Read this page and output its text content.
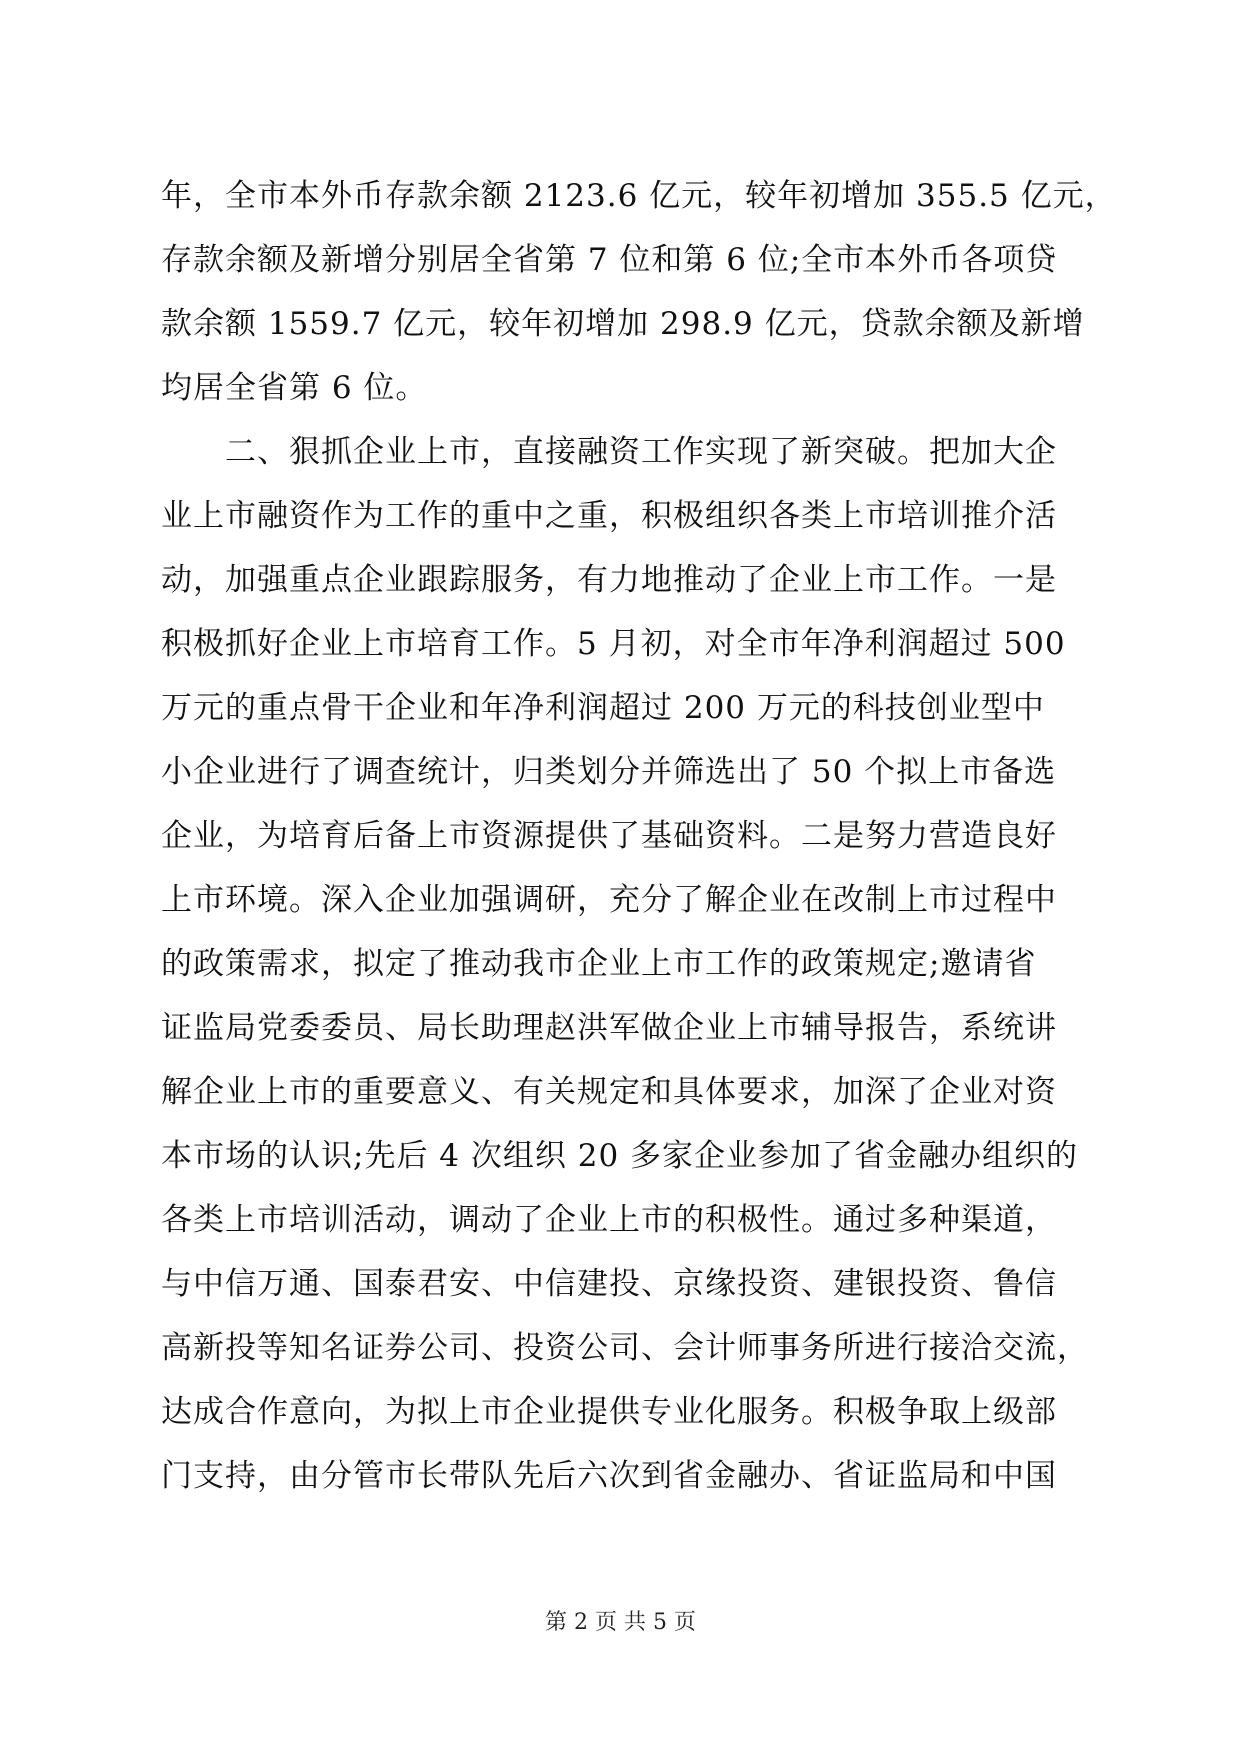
年，全市本外币存款余额 2123.6 亿元，较年初增加 355.5 亿元，
存款余额及新增分别居全省第 7 位和第 6 位;全市本外币各项贷
款余额 1559.7 亿元，较年初增加 298.9 亿元，贷款余额及新增
均居全省第 6 位。
　　二、狠抓企业上市，直接融资工作实现了新突破。把加大企
业上市融资作为工作的重中之重，积极组织各类上市培训推介活
动，加强重点企业跟踪服务，有力地推动了企业上市工作。一是
积极抓好企业上市培育工作。5 月初，对全市年净利润超过 500
万元的重点骨干企业和年净利润超过 200 万元的科技创业型中
小企业进行了调查统计，归类划分并筛选出了 50 个拟上市备选
企业，为培育后备上市资源提供了基础资料。二是努力营造良好
上市环境。深入企业加强调研，充分了解企业在改制上市过程中
的政策需求，拟定了推动我市企业上市工作的政策规定;邀请省
证监局党委委员、局长助理赵洪军做企业上市辅导报告，系统讲
解企业上市的重要意义、有关规定和具体要求，加深了企业对资
本市场的认识;先后 4 次组织 20 多家企业参加了省金融办组织的
各类上市培训活动，调动了企业上市的积极性。通过多种渠道，
与中信万通、国泰君安、中信建投、京缘投资、建银投资、鲁信
高新投等知名证券公司、投资公司、会计师事务所进行接洽交流，
达成合作意向，为拟上市企业提供专业化服务。积极争取上级部
门支持，由分管市长带队先后六次到省金融办、省证监局和中国
第 2 页 共 5 页
